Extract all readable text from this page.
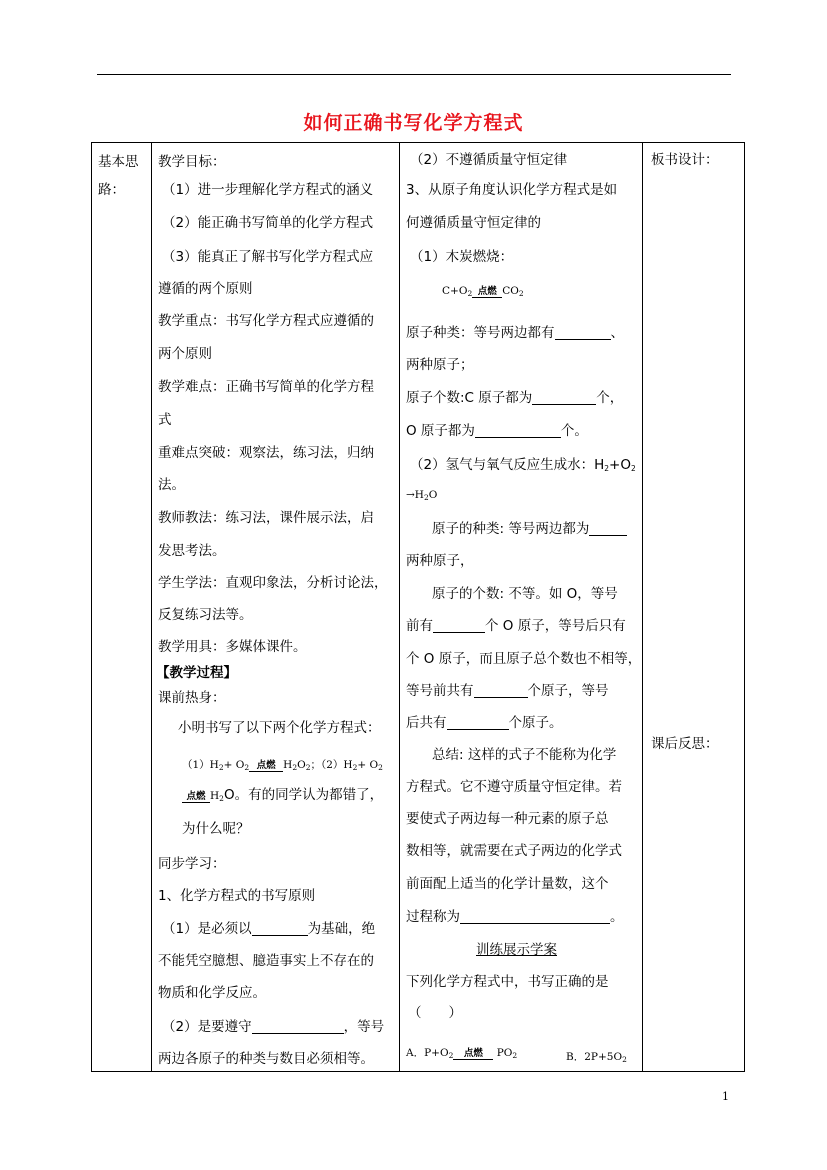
如何正确书写化学方程式
基本思
路：

教学目标：
（1）进一步理解化学方程式的涵义
（2）能正确书写简单的化学方程式
（3）能真正了解书写化学方程式应
遵循的两个原则
教学重点：书写化学方程式应遵循的
两个原则
教学难点：正确书写简单的化学方程
式
重难点突破：观察法，练习法，归纳
法。
教师教法：练习法，课件展示法，启
发思考法。
学生学法：直观印象法，分析讨论法，
反复练习法等。
教学用具：多媒体课件。
【教学过程】
课前热身：
小明书写了以下两个化学方程式：
$(1)H_2+ O_2$ 点燃 $H_2O_2$；$(2)H_2+ O_2$
点燃 $H_2O$。有的同学认为都错了，
为什么呢？
同步学习：
1、化学方程式的书写原则
（1）是必须以	为基础，绝
不能凭空臆想、臆造事实上不存在的
物质和化学反应。
（2）是要遵守	，等号
两边各原子的种类与数目必须相等。

（2）不遵循质量守恒定律
3、从原子角度认识化学方程式是如
何遵循质量守恒定律的
（1）木炭燃烧：
$C+O_2$ 点燃 $CO_2$
原子种类：等号两边都有	、
两种原子；
原子个数:C 原子都为	个，
O 原子都为	个。
（2）氢气与氧气反应生成水：$H_2+O_2$
$\to H_2O$
原子的种类: 等号两边都为
两种原子，
原子的个数: 不等。如 O，等号
前有	个 O 原子，等号后只有
个 O 原子，而且原子总个数也不相等，
等号前共有	个原子，等号
后共有	个原子。
总结: 这样的式子不能称为化学
方程式。它不遵守质量守恒定律。若
要使式子两边每一种元素的原子总
数相等，就需要在式子两边的化学式
前面配上适当的化学计量数，这个
过程称为	。
训练展示学案
下列化学方程式中，书写正确的是
（　　）
A．$P+O_2$	点燃	$PO_2$	B．$2P+5O_2$

板书设计：
课后反思：
1
